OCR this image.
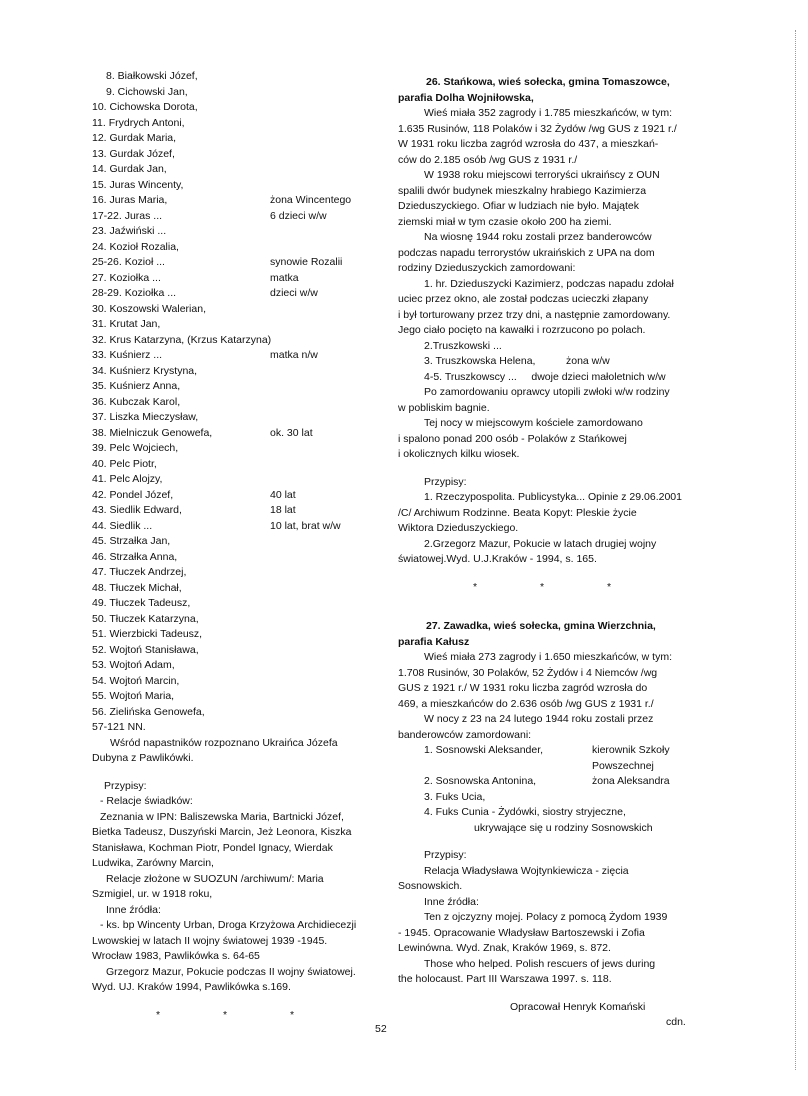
8. Białkowski Józef,
9. Cichowski Jan,
10. Cichowska Dorota,
11. Frydrych Antoni,
12. Gurdak Maria,
13. Gurdak Józef,
14. Gurdak Jan,
15. Juras Wincenty,
16. Juras Maria,	żona Wincentego
17-22. Juras ...	6 dzieci w/w
23. Jaźwiński ...
24. Kozioł Rozalia,
25-26. Kozioł ...	synowie Rozalii
27. Koziołka ...	matka
28-29. Koziołka ...	dzieci w/w
30. Koszowski Walerian,
31. Krutat Jan,
32. Krus Katarzyna, (Krzus Katarzyna)
33. Kuśnierz ...	matka n/w
34. Kuśnierz Krystyna,
35. Kuśnierz Anna,
36. Kubczak Karol,
37. Liszka Mieczysław,
38. Mielniczuk Genowefa,	ok. 30 lat
39. Pelc Wojciech,
40. Pelc Piotr,
41. Pelc Alojzy,
42. Pondel Józef,	40 lat
43. Siedlik Edward,	18 lat
44. Siedlik ...	10 lat, brat w/w
45. Strzałka Jan,
46. Strzałka Anna,
47. Tłuczek Andrzej,
48. Tłuczek Michał,
49. Tłuczek Tadeusz,
50. Tłuczek Katarzyna,
51. Wierzbicki Tadeusz,
52. Wojtoń Stanisława,
53. Wojtoń Adam,
54. Wojtoń Marcin,
55. Wojtoń Maria,
56. Zielińska Genowefa,
57-121 NN.
Wśród napastników rozpoznano Ukraińca Józefa
Dubyna z Pawlikówki.
Przypisy:
- Relacje świadków:
Zeznania w IPN: Baliszewska Maria, Bartnicki Józef,
Bietka Tadeusz, Duszyński Marcin, Jeż Leonora, Kiszka
Stanisława, Kochman Piotr, Pondel Ignacy, Wierdak
Ludwika, Zarówny Marcin,
Relacje złożone w SUOZUN /archiwum/: Maria
Szmigiel, ur. w 1918 roku,
Inne źródła:
- ks. bp Wincenty Urban, Droga Krzyżowa Archidiecezji
Lwowskiej w latach II wojny światowej 1939 -1945.
Wrocław 1983, Pawlikówka s. 64-65
Grzegorz Mazur, Pokucie podczas II wojny światowej.
Wyd. UJ. Kraków 1994, Pawlikówka s.169.
* * *
26. Stańkowa, wieś sołecka, gmina Tomaszowce,
parafia Dolha Wojniłowska,
Wieś miała 352 zagrody i 1.785 mieszkańców, w tym:
1.635 Rusinów, 118 Polaków i 32 Żydów /wg GUS z 1921 r./
W 1931 roku liczba zagród wzrosła do 437, a mieszkań-
ców do 2.185 osób /wg GUS z 1931 r./
W 1938 roku miejscowi terroryści ukraińscy z OUN
spalili dwór budynek mieszkalny hrabiego Kazimierza
Dzieduszyckiego. Ofiar w ludziach nie było. Majątek
ziemski miał w tym czasie około 200 ha ziemi.
Na wiosnę 1944 roku zostali przez banderowców
podczas napadu terrorystów ukraińskich z UPA na dom
rodziny Dzieduszyckich zamordowani:
1. hr. Dzieduszycki Kazimierz, podczas napadu zdołał
uciec przez okno, ale został podczas ucieczki złapany
i był torturowany przez trzy dni, a następnie zamordowany.
Jego ciało pocięto na kawałki i rozrzucono po polach.
2.Truszkowski ...
3. Truszkowska Helena,	żona w/w
4-5. Truszkowscy ...     dwoje dzieci małoletnich w/w
Po zamordowaniu oprawcy utopili zwłoki w/w rodziny
w pobliskim bagnie.
Tej nocy w miejscowym kościele zamordowano
i spalono ponad 200 osób - Polaków z Stańkowej
i okolicznych kilku wiosek.
Przypisy:
1. Rzeczypospolita. Publicystyka... Opinie z 29.06.2001
/C/ Archiwum Rodzinne. Beata Kopyt: Pleskie życie
Wiktora Dzieduszyckiego.
2.Grzegorz Mazur, Pokucie w latach drugiej wojny
światowej.Wyd. U.J.Kraków - 1994, s. 165.
* * *
27. Zawadka, wieś sołecka, gmina Wierzchnia,
parafia Kałusz
Wieś miała 273 zagrody i 1.650 mieszkańców, w tym:
1.708 Rusinów, 30 Polaków, 52 Żydów i 4 Niemców /wg
GUS z 1921 r./ W 1931 roku liczba zagród wzrosła do
469, a mieszkańców do 2.636 osób /wg GUS z 1931 r./
W nocy z 23 na 24 lutego 1944 roku zostali przez
banderowców zamordowani:
1. Sosnowski Aleksander,	kierownik Szkoły
Powszechnej
2. Sosnowska Antonina,	żona Aleksandra
3. Fuks Ucia,
4. Fuks Cunia - Żydówki, siostry stryjeczne,
ukrywające się u rodziny Sosnowskich
Przypisy:
Relacja Władysława Wojtynkiewicza - zięcia
Sosnowskich.
Inne źródła:
Ten z ojczyzny mojej. Polacy z pomocą Żydom 1939
- 1945. Opracowanie Władysław Bartoszewski i Zofia
Lewinówna. Wyd. Znak, Kraków 1969, s. 872.
Those who helped. Polish rescuers of jews during
the holocaust. Part III Warszawa 1997. s. 118.
Opracował Henryk Komański
cdn.
52
